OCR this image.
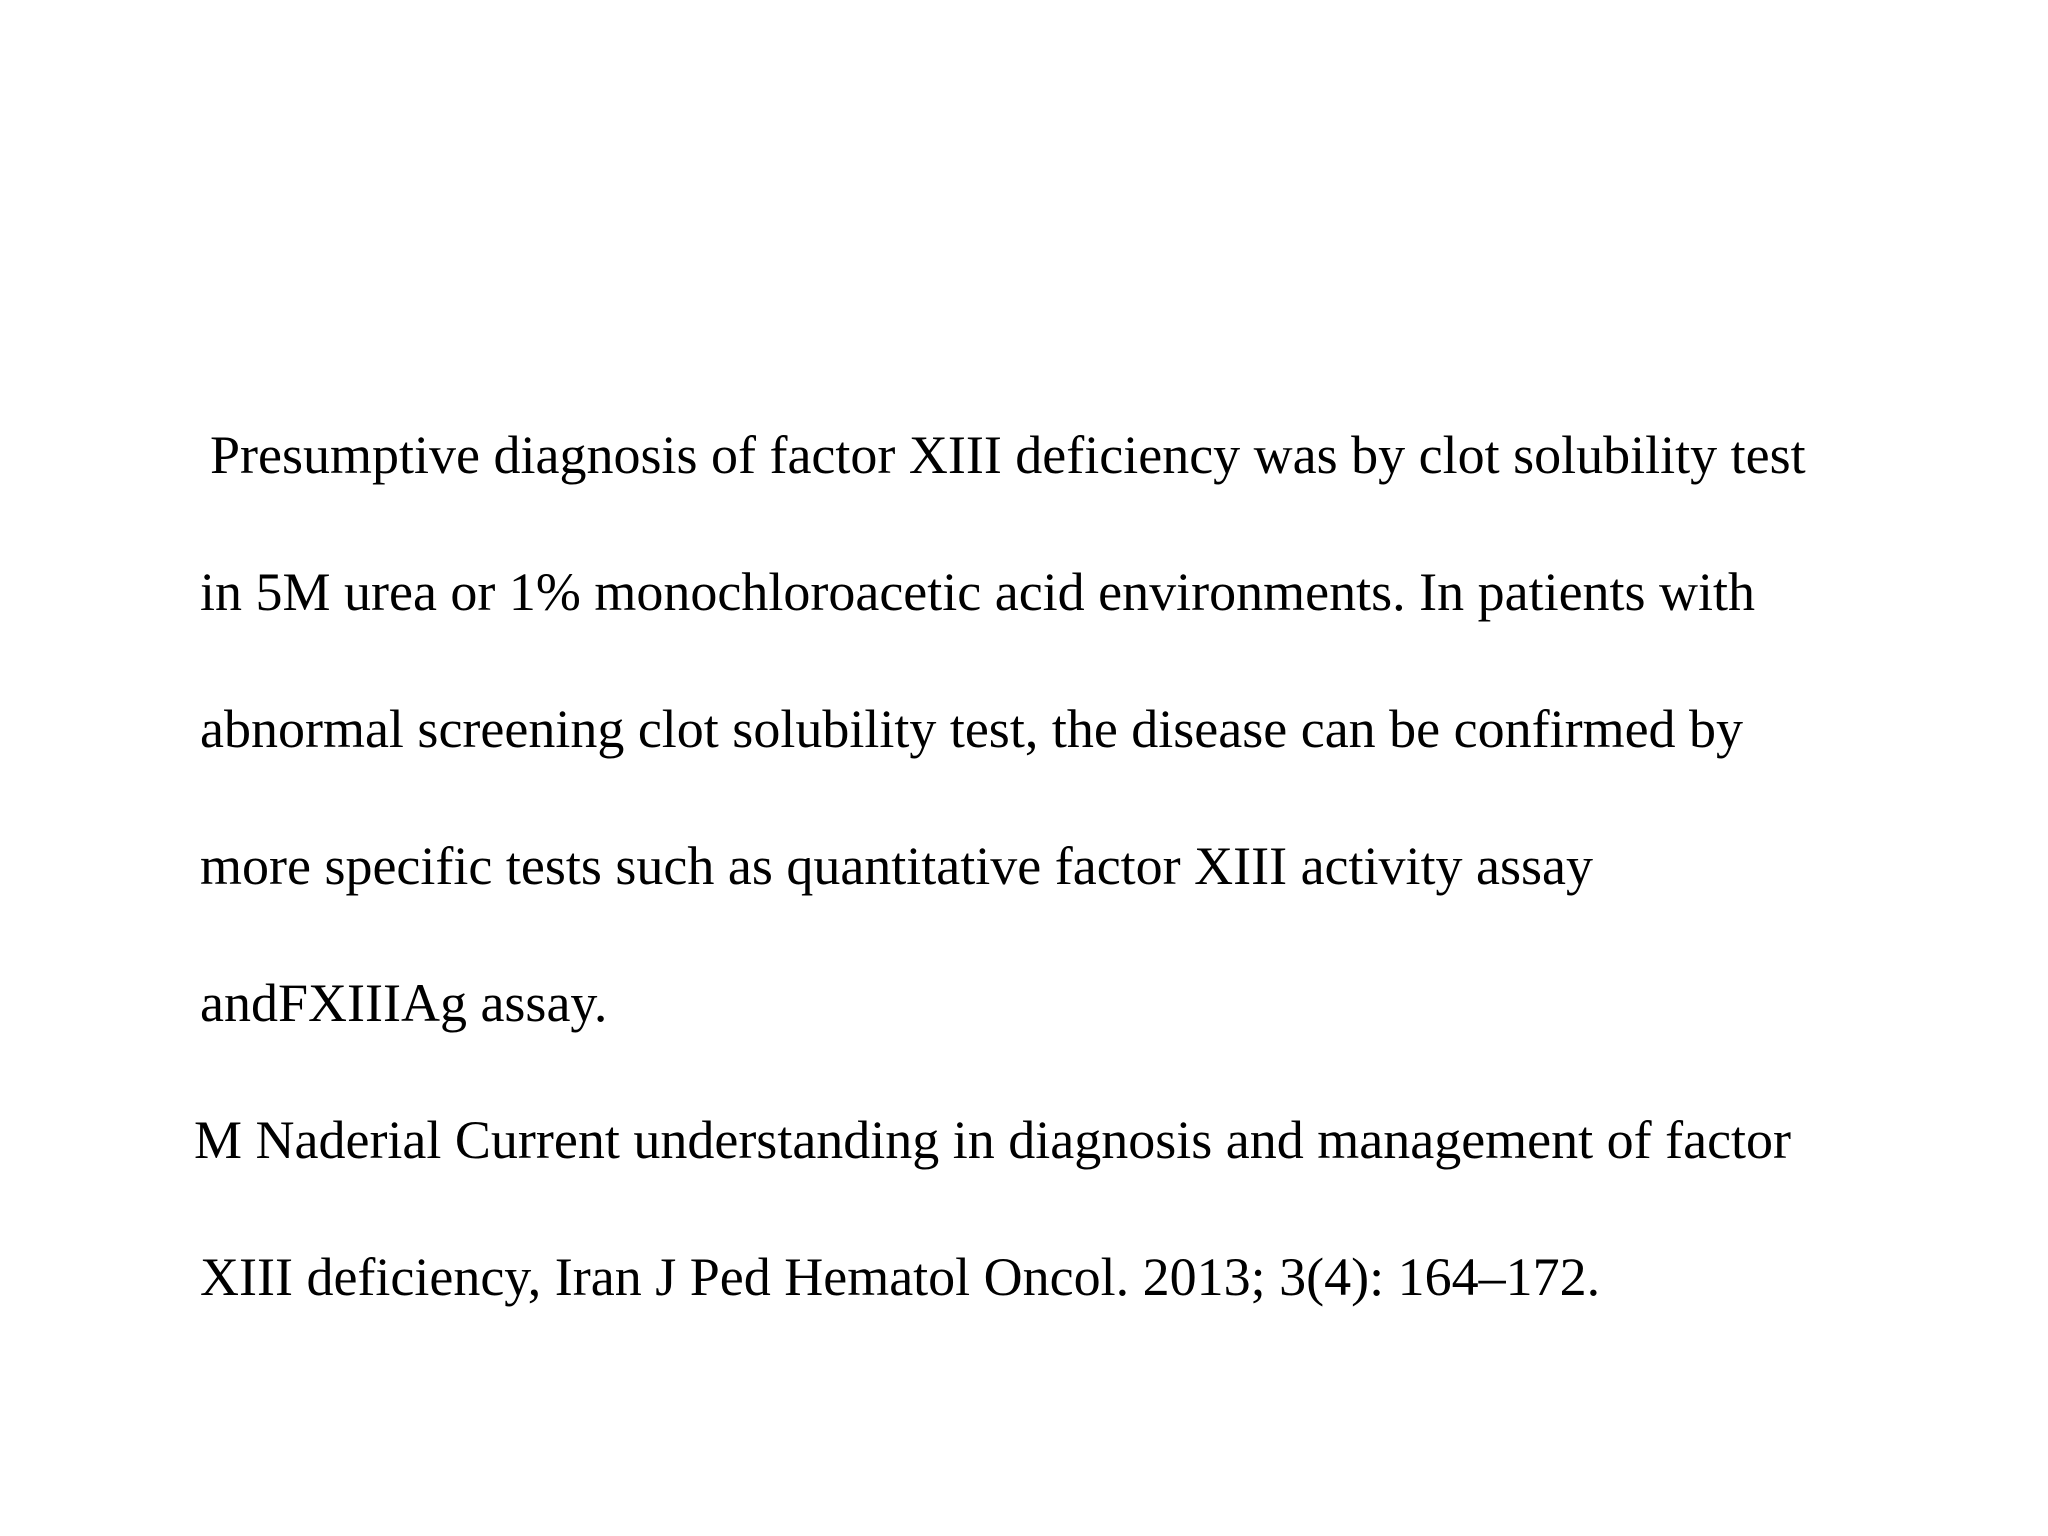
Presumptive diagnosis of factor XIII deficiency was by clot solubility test

in 5M urea or 1% monochloroacetic acid environments. In patients with

abnormal screening clot solubility test, the disease can be confirmed by

more specific tests such as quantitative factor XIII activity assay

andFXIIIAg assay.

M Naderial Current understanding in diagnosis and management of factor

XIII deficiency, Iran J Ped Hematol Oncol. 2013; 3(4): 164–172.
